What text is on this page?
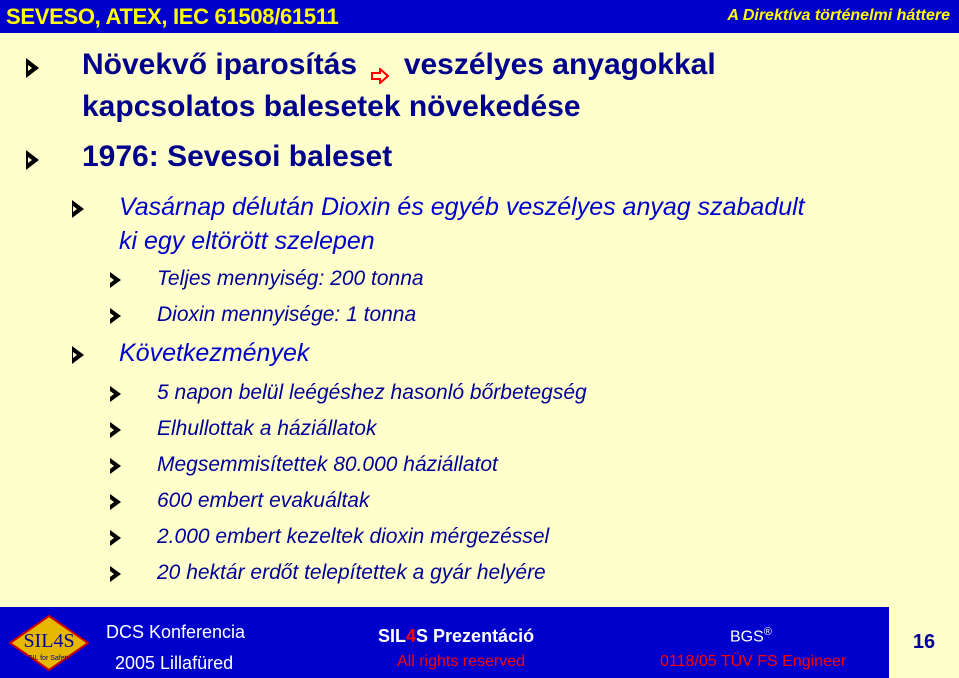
SEVESO, ATEX, IEC 61508/61511	A Direktíva történelmi háttere
Növekvő iparosítás veszélyes anyagokkal
kapcsolatos balesetek növekedése
1976: Sevesoi baleset
Vasárnap délután Dioxin és egyéb veszélyes anyag szabadult
ki egy eltörött szelepen
Teljes mennyiség: 200 tonna
Dioxin mennyisége: 1 tonna
Következmények
5 napon belül leégéshez hasonló bőrbetegség
Elhullottak a háziállatok
Megsemmisítettek 80.000 háziállatot
600 embert evakuáltak
2.000 embert kezeltek dioxin mérgezéssel
20 hektár erdőt telepítettek a gyár helyére
SIL4S
SIL for Safety
DCS Konferencia
2005 Lillafüred
SIL4S Prezentáció
All rights reserved
BGS®
0118/05 TÜV FS Engineer
16
